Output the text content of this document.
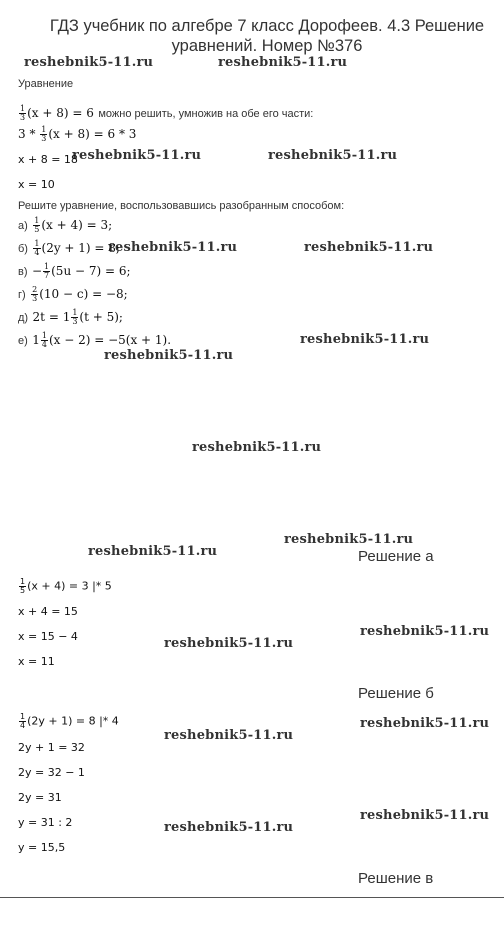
ГДЗ учебник по алгебре 7 класс Дорофеев. 4.3 Решение уравнений. Номер №376
reshebnik5-11.ru	reshebnik5-11.ru
reshebnik5-11.ru	reshebnik5-11.ru
reshebnik5-11.ru	reshebnik5-11.ru
reshebnik5-11.ru
reshebnik5-11.ru
reshebnik5-11.ru
reshebnik5-11.ru
reshebnik5-11.ru
reshebnik5-11.ru
reshebnik5-11.ru
reshebnik5-11.ru
reshebnik5-11.ru
reshebnik5-11.ru
reshebnik5-11.ru
Уравнение
$\frac{1}{3} (x + 8) = 6$ можно решить, умножив на обе его части:
$3 * \frac{1}{3} (x + 8) = 6 * 3$
x + 8 = 18
x = 10
Решите уравнение, воспользовавшись разобранным способом:
$а) \frac{1}{5} (x + 4) = 3$;
$б) \frac{1}{4} (2y + 1) = 8$;
$в) - \frac{1}{7} (5u - 7) = 6$;
$г) \frac{2}{3} (10 - c) = -8$;
д) $2t = 1 \frac{1}{3} (t + 5)$;
е) $1 \frac{1}{4} (x - 2) = -5(x + 1)$.
Решение а
$\frac{1}{5} (x + 4) = 3$ |* 5
x + 4 = 15
x = 15 − 4
x = 11
Решение б
$\frac{1}{4} (2y + 1) = 8$ |* 4
2y + 1 = 32
2y = 32 − 1
2y = 31
y = 31 : 2
y = 15,5
Решение в
